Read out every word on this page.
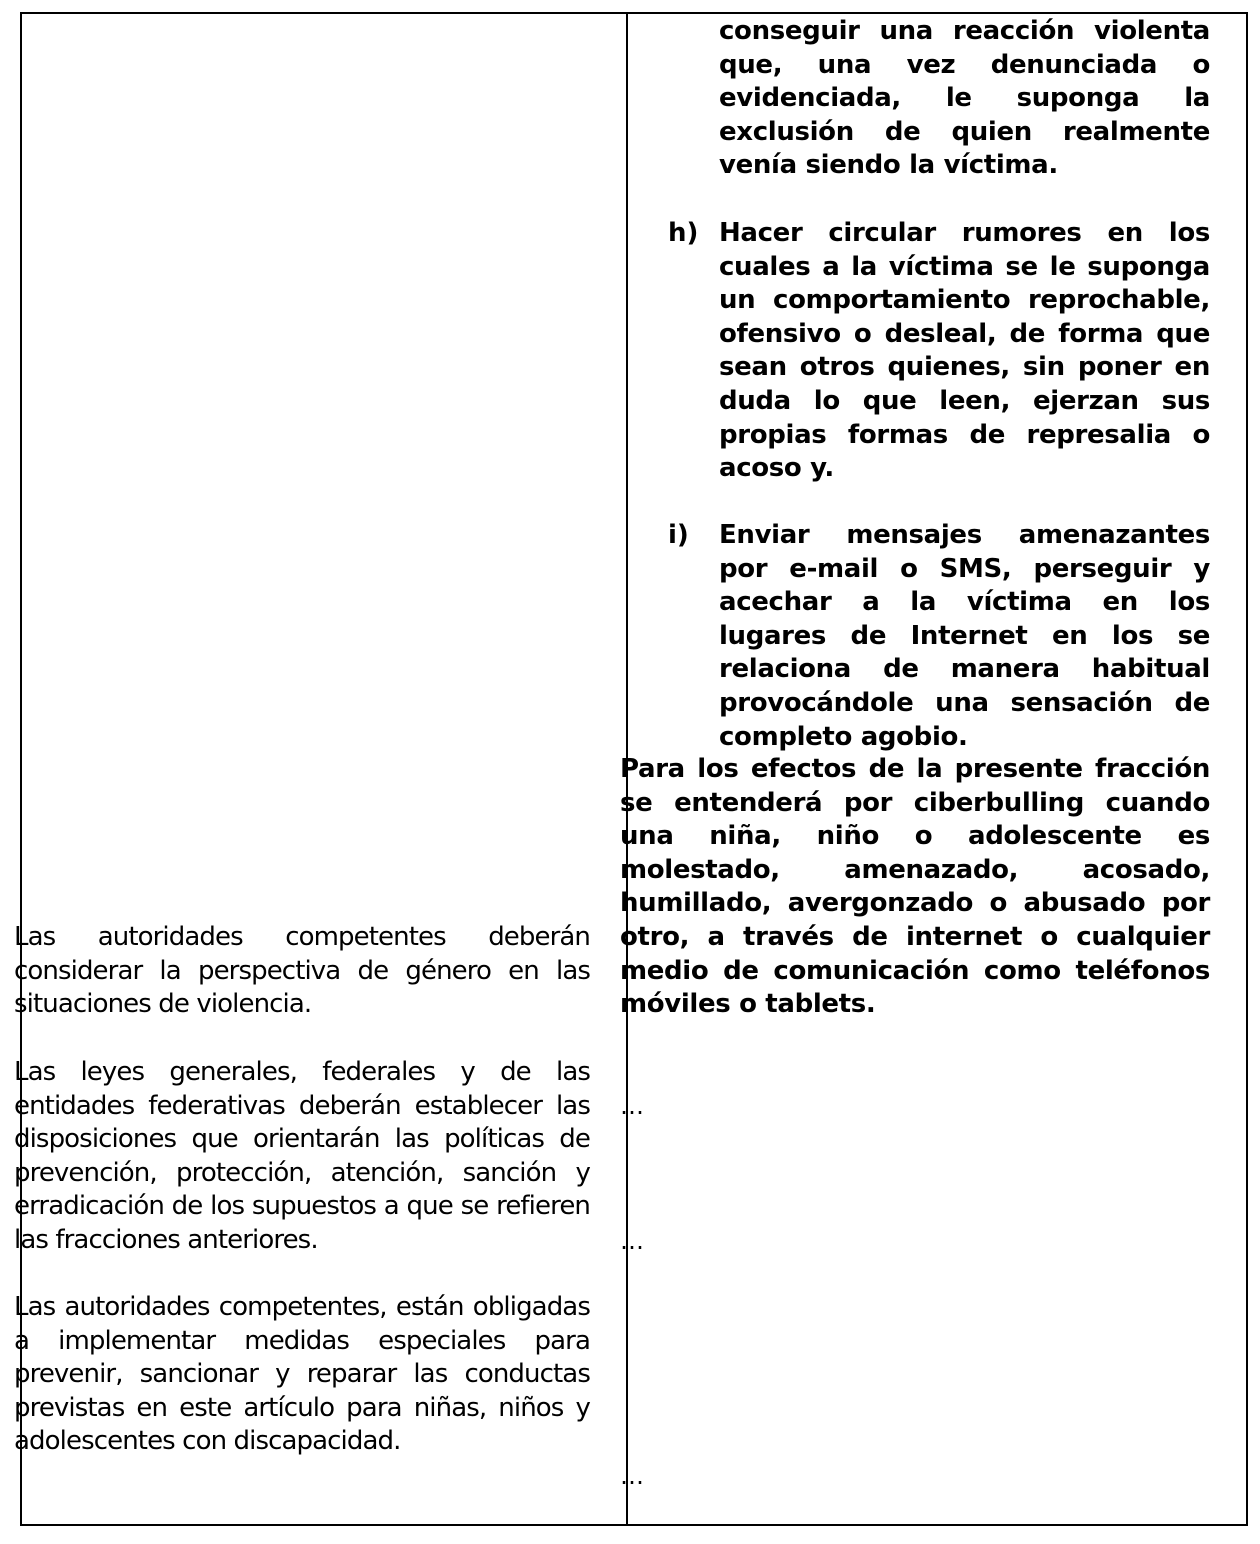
Las autoridades competentes deberán considerar la perspectiva de género en las situaciones de violencia.

Las leyes generales, federales y de las entidades federativas deberán establecer las disposiciones que orientarán las políticas de prevención, protección, atención, sanción y erradicación de los supuestos a que se refieren las fracciones anteriores.

Las autoridades competentes, están obligadas a implementar medidas especiales para prevenir, sancionar y reparar las conductas previstas en este artículo para niñas, niños y adolescentes con discapacidad.

conseguir una reacción violenta que, una vez denunciada o evidenciada, le suponga la exclusión de quien realmente venía siendo la víctima.

h) Hacer circular rumores en los cuales a la víctima se le suponga un comportamiento reprochable, ofensivo o desleal, de forma que sean otros quienes, sin poner en duda lo que leen, ejerzan sus propias formas de represalia o acoso y.

i) Enviar mensajes amenazantes por e-mail o SMS, perseguir y acechar a la víctima en los lugares de Internet en los se relaciona de manera habitual provocándole una sensación de completo agobio.

Para los efectos de la presente fracción se entenderá por ciberbulling cuando una niña, niño o adolescente es molestado, amenazado, acosado, humillado, avergonzado o abusado por otro, a través de internet o cualquier medio de comunicación como teléfonos móviles o tablets.

…

…

…
